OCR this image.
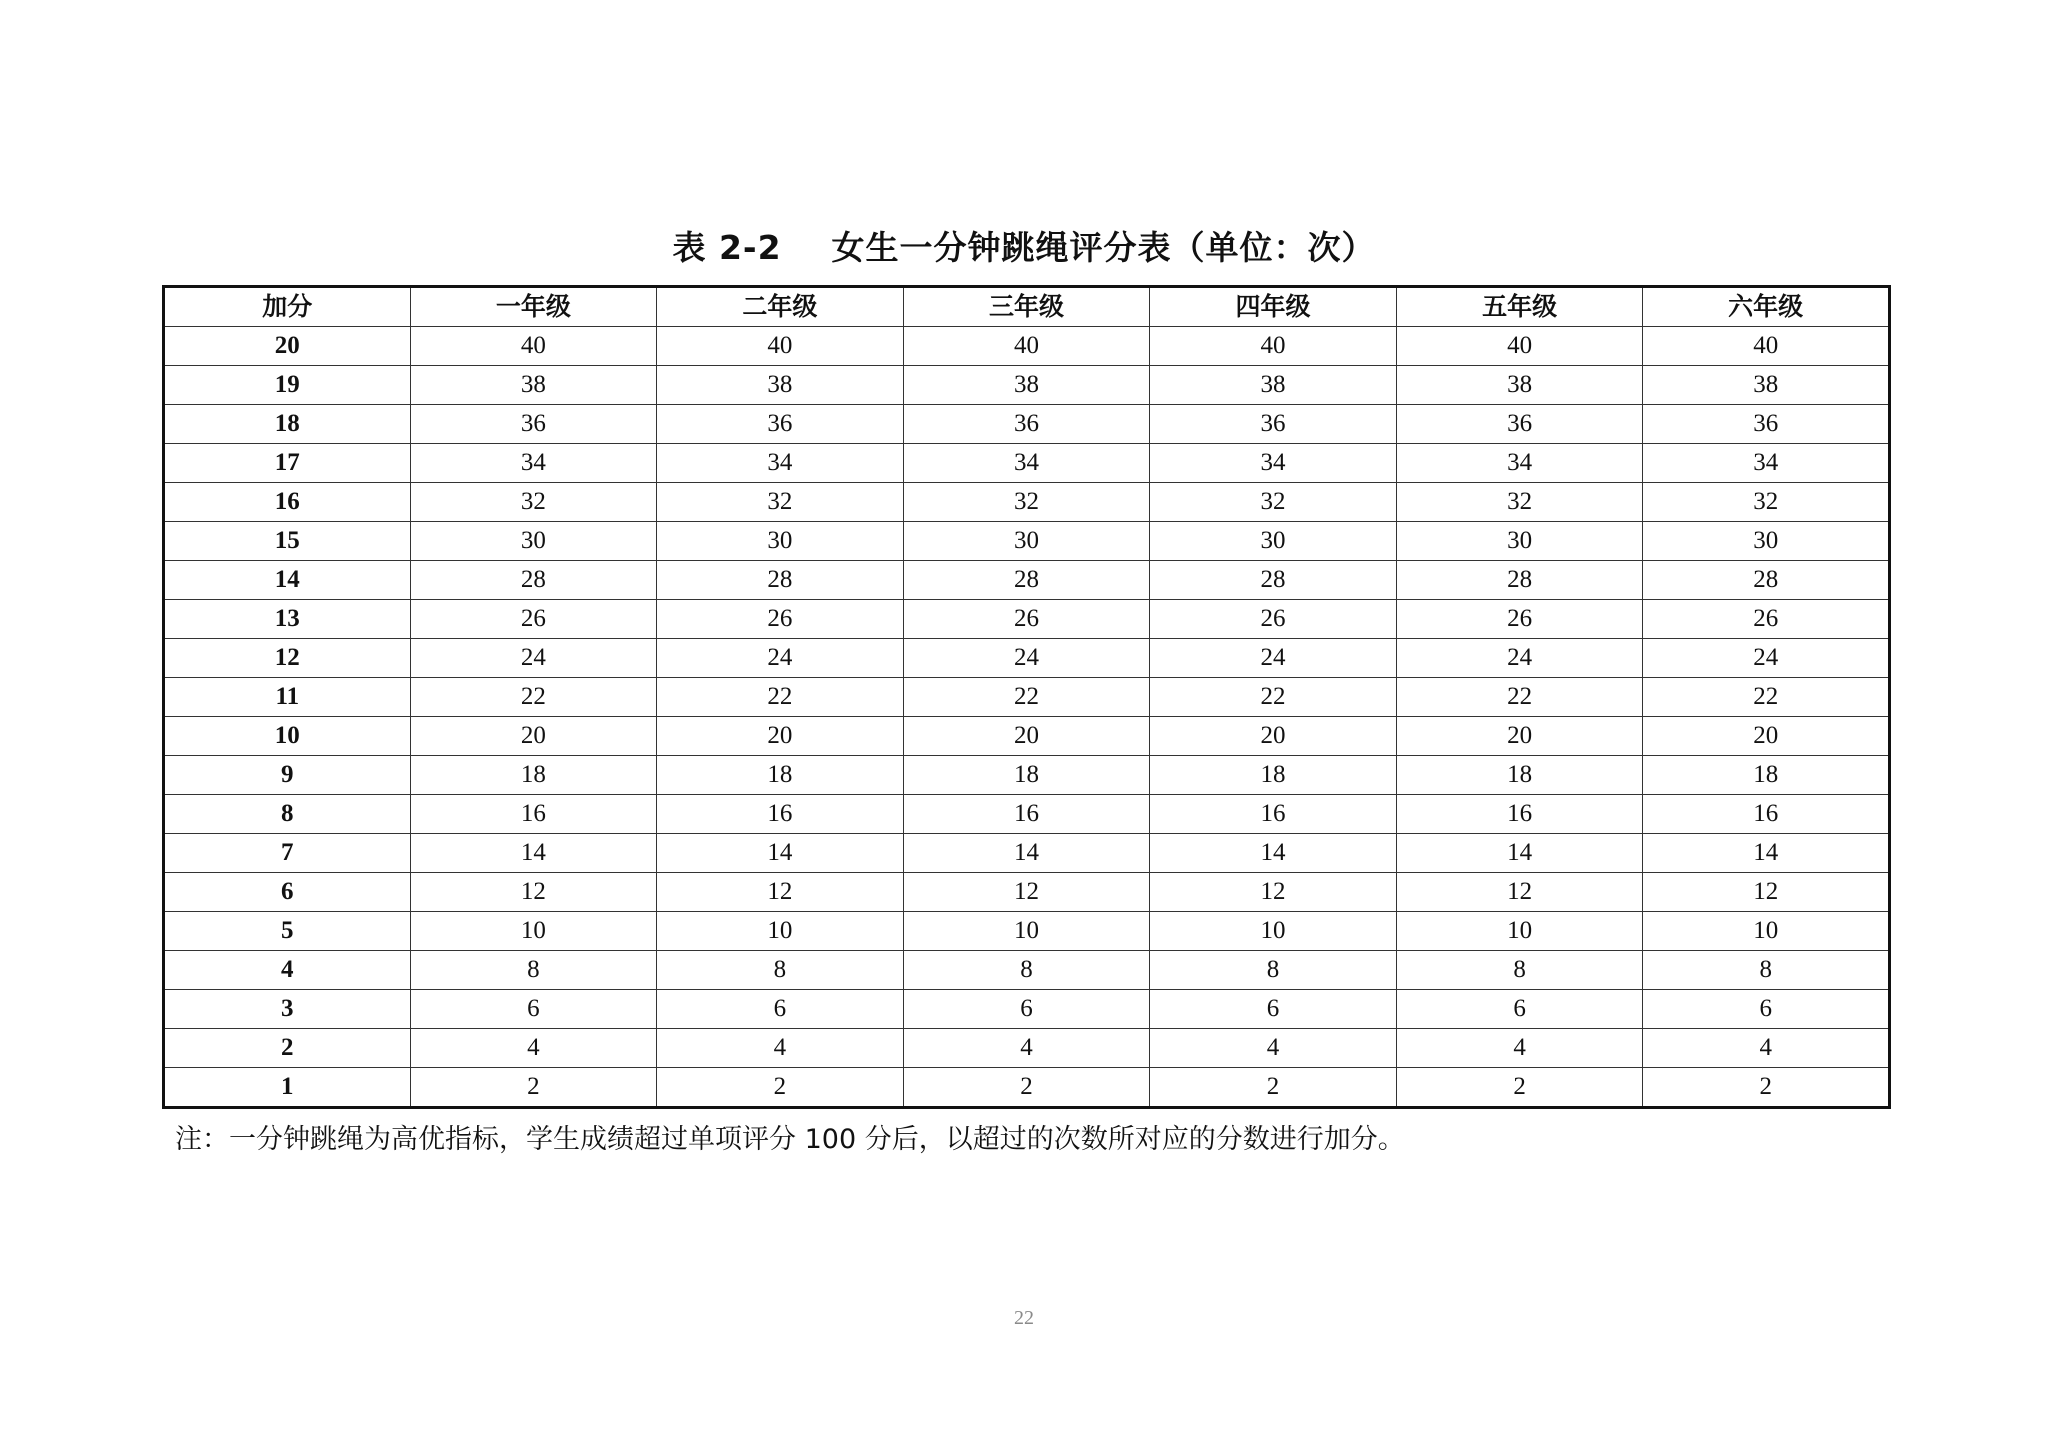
表 2-2    女生一分钟跳绳评分表（单位：次）
加分	一年级	二年级	三年级	四年级	五年级	六年级
20	40	40	40	40	40	40
19	38	38	38	38	38	38
18	36	36	36	36	36	36
17	34	34	34	34	34	34
16	32	32	32	32	32	32
15	30	30	30	30	30	30
14	28	28	28	28	28	28
13	26	26	26	26	26	26
12	24	24	24	24	24	24
11	22	22	22	22	22	22
10	20	20	20	20	20	20
9	18	18	18	18	18	18
8	16	16	16	16	16	16
7	14	14	14	14	14	14
6	12	12	12	12	12	12
5	10	10	10	10	10	10
4	8	8	8	8	8	8
3	6	6	6	6	6	6
2	4	4	4	4	4	4
1	2	2	2	2	2	2
注：一分钟跳绳为高优指标，学生成绩超过单项评分 100 分后，以超过的次数所对应的分数进行加分。
22
